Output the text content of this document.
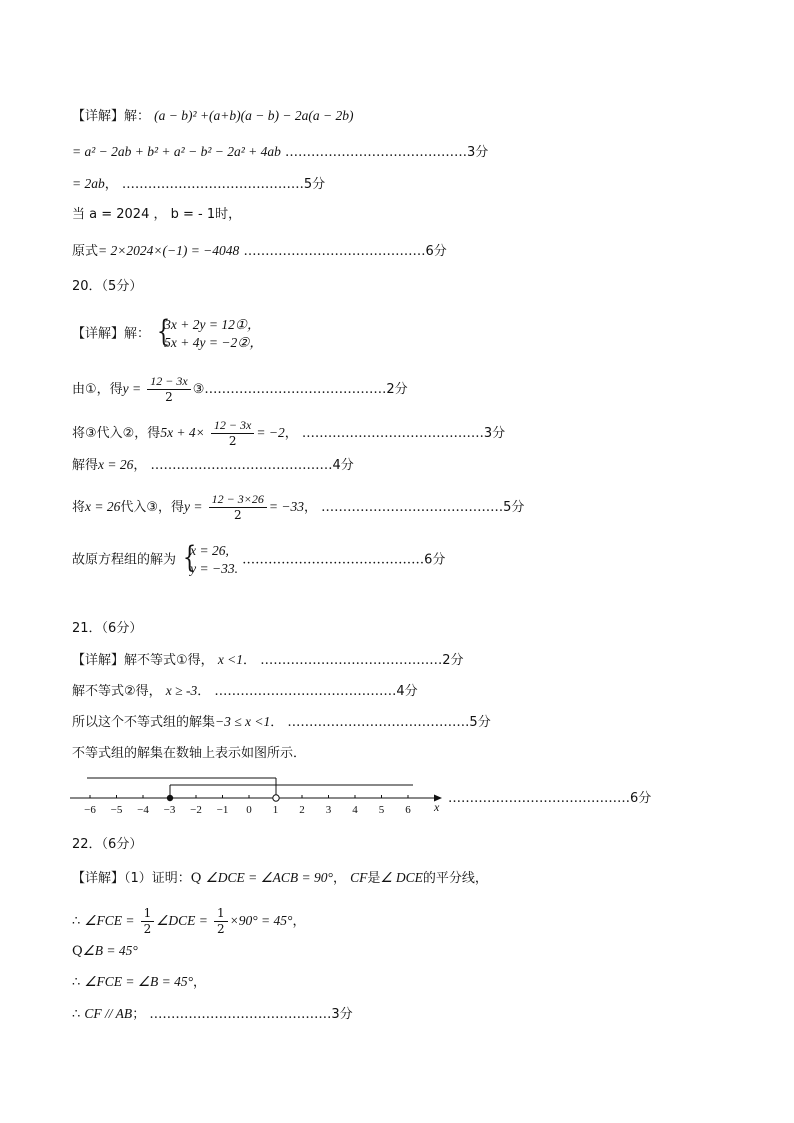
【详解】解： (a − b)² +(a+b)(a − b) − 2a(a − 2b)
= a² − 2ab + b² + a² − b² − 2a² + 4ab ……………………………………3分
= 2ab， ……………………………………5分
当 a = 2024 ， b = - 1时，
原式= 2×2024×(−1) = −4048 ……………………………………6分
20．（5分）
【详解】解： {
3x + 2y = 12①，
5x + 4y = −2②，
由①，得$y = \frac{12 - 3x}{2}$ ③……………………………………2分
将③代入②，得$5x + 4\times \frac{12 - 3x}{2} = -2$， ……………………………………3分
解得x = 26， ……………………………………4分
将x = 26代入③，得$y = \frac{12 - 3\times 26}{2} = -33$， ……………………………………5分
故原方程组的解为 {
x = 26,
y = −33.
……………………………………6分
21．（6分）
【详解】解不等式①得， x <1． ……………………………………2分
解不等式②得， x ≥ -3． ……………………………………4分
所以这个不等式组的解集−3 ≤ x <1． ……………………………………5分
不等式组的解集在数轴上表示如图所示．
−6 −5 −4 −3 −2 −1 0 1 2 3 4 5 6 x
……………………………………6分
22．（6分）
【详解】（1）证明：Q ∠DCE = ∠ACB = 90°， CF是∠ DCE的平分线，
∴ ∠FCE = $\frac{1}{2}$ ∠DCE = $\frac{1}{2} \times 90^\circ = 45^\circ$，
Q∠B = 45°
∴ ∠FCE = ∠B = 45°，
∴ CF // AB； ……………………………………3分
